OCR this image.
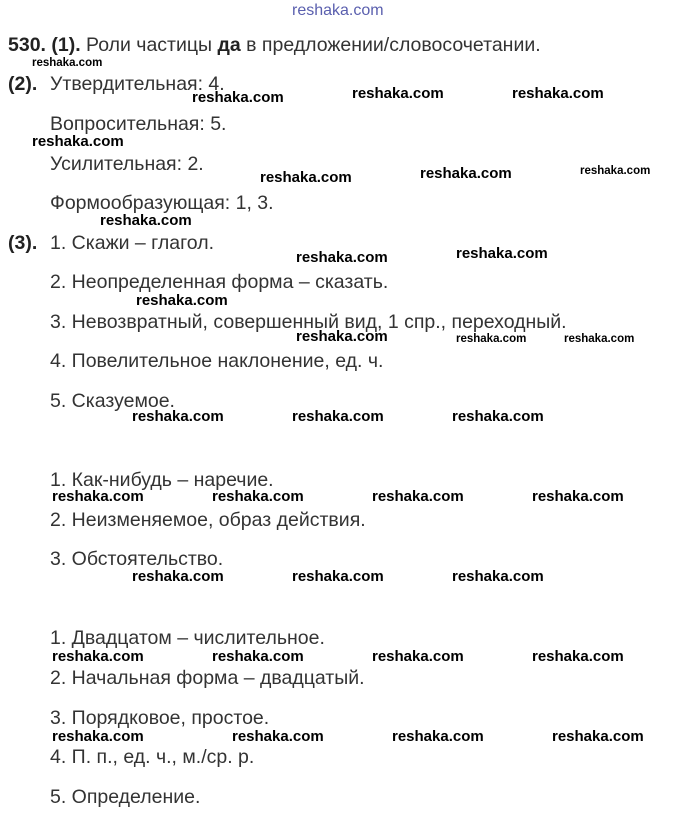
reshaka.com
530. (1). Роли частицы да в предложении/словосочетании.
(2). Утвердительная: 4.
Вопросительная: 5.
Усилительная: 2.
Формообразующая: 1, 3.
(3). 1. Скажи – глагол.
2. Неопределенная форма – сказать.
3. Невозвратный, совершенный вид, 1 спр., переходный.
4. Повелительное наклонение, ед. ч.
5. Сказуемое.
1. Как-нибудь – наречие.
2. Неизменяемое, образ действия.
3. Обстоятельство.
1. Двадцатом – числительное.
2. Начальная форма – двадцатый.
3. Порядковое, простое.
4. П. п., ед. ч., м./ср. р.
5. Определение.
reshaka.com
reshaka.com	reshaka.com	reshaka.com
reshaka.com
reshaka.com	reshaka.com	reshaka.com
reshaka.com
reshaka.com	reshaka.com
reshaka.com
reshaka.com	reshaka.com	reshaka.com
reshaka.com	reshaka.com	reshaka.com
reshaka.com	reshaka.com	reshaka.com	reshaka.com
reshaka.com	reshaka.com	reshaka.com
reshaka.com	reshaka.com	reshaka.com	reshaka.com
reshaka.com	reshaka.com	reshaka.com	reshaka.com
